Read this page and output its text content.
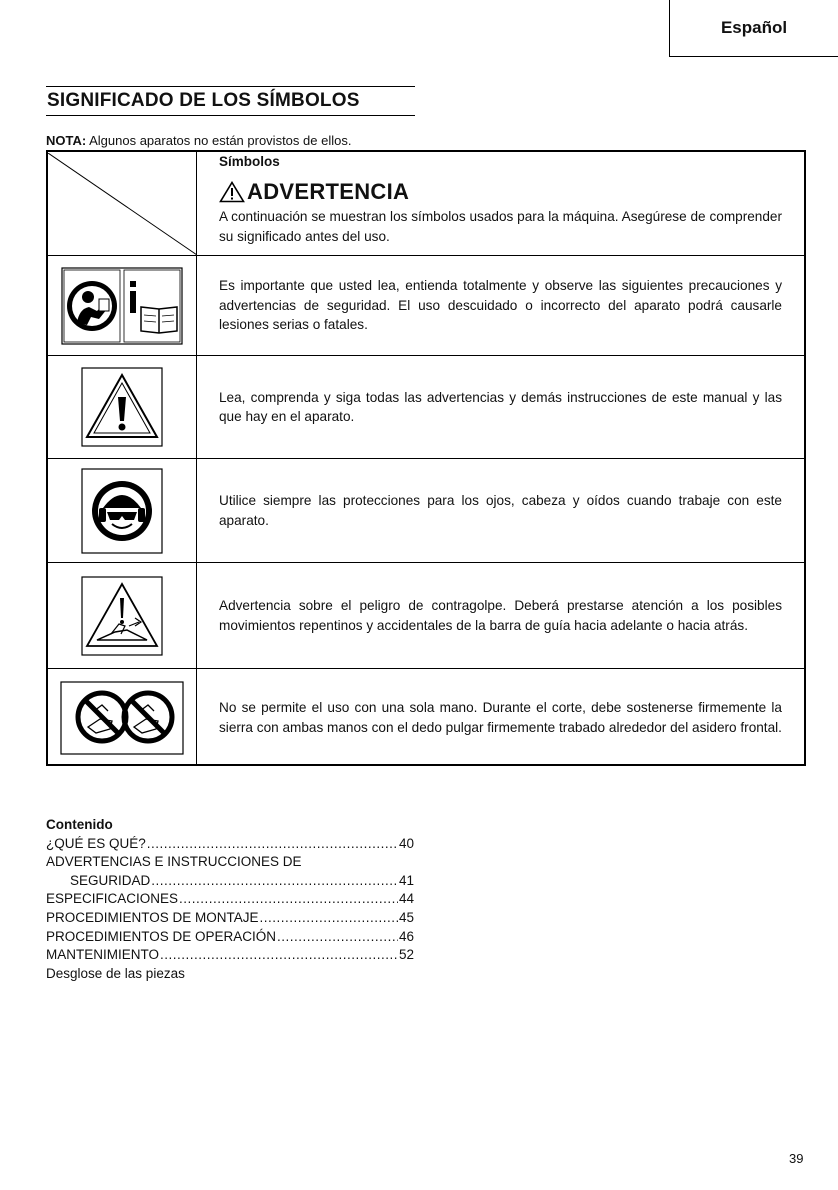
Español
SIGNIFICADO DE LOS SÍMBOLOS
NOTA: Algunos aparatos no están provistos de ellos.
Símbolos
ADVERTENCIA
A continuación se muestran los símbolos usados para la máquina. Asegúrese de comprender su significado antes del uso.
Es importante que usted lea, entienda totalmente y observe las siguientes precauciones y advertencias de seguridad. El uso descuidado o incorrecto del aparato podrá causarle lesiones serias o fatales.
Lea, comprenda y siga todas las advertencias y demás instrucciones de este manual y las que hay en el aparato.
Utilice siempre las protecciones para los ojos, cabeza y oídos cuando trabaje con este aparato.
Advertencia sobre el peligro de contragolpe. Deberá prestarse atención a los posibles movimientos repentinos y accidentales de la barra de guía hacia adelante o hacia atrás.
No se permite el uso con una sola mano. Durante el corte, debe sostenerse firmemente la sierra con ambas manos con el dedo pulgar firmemente trabado alrededor del asidero frontal.
Contenido
¿QUÉ ES QUÉ? .....	40
ADVERTENCIAS E INSTRUCCIONES DE
SEGURIDAD .....	41
ESPECIFICACIONES .....	44
PROCEDIMIENTOS DE MONTAJE .....	45
PROCEDIMIENTOS DE OPERACIÓN .....	46
MANTENIMIENTO .....	52
Desglose de las piezas
39
